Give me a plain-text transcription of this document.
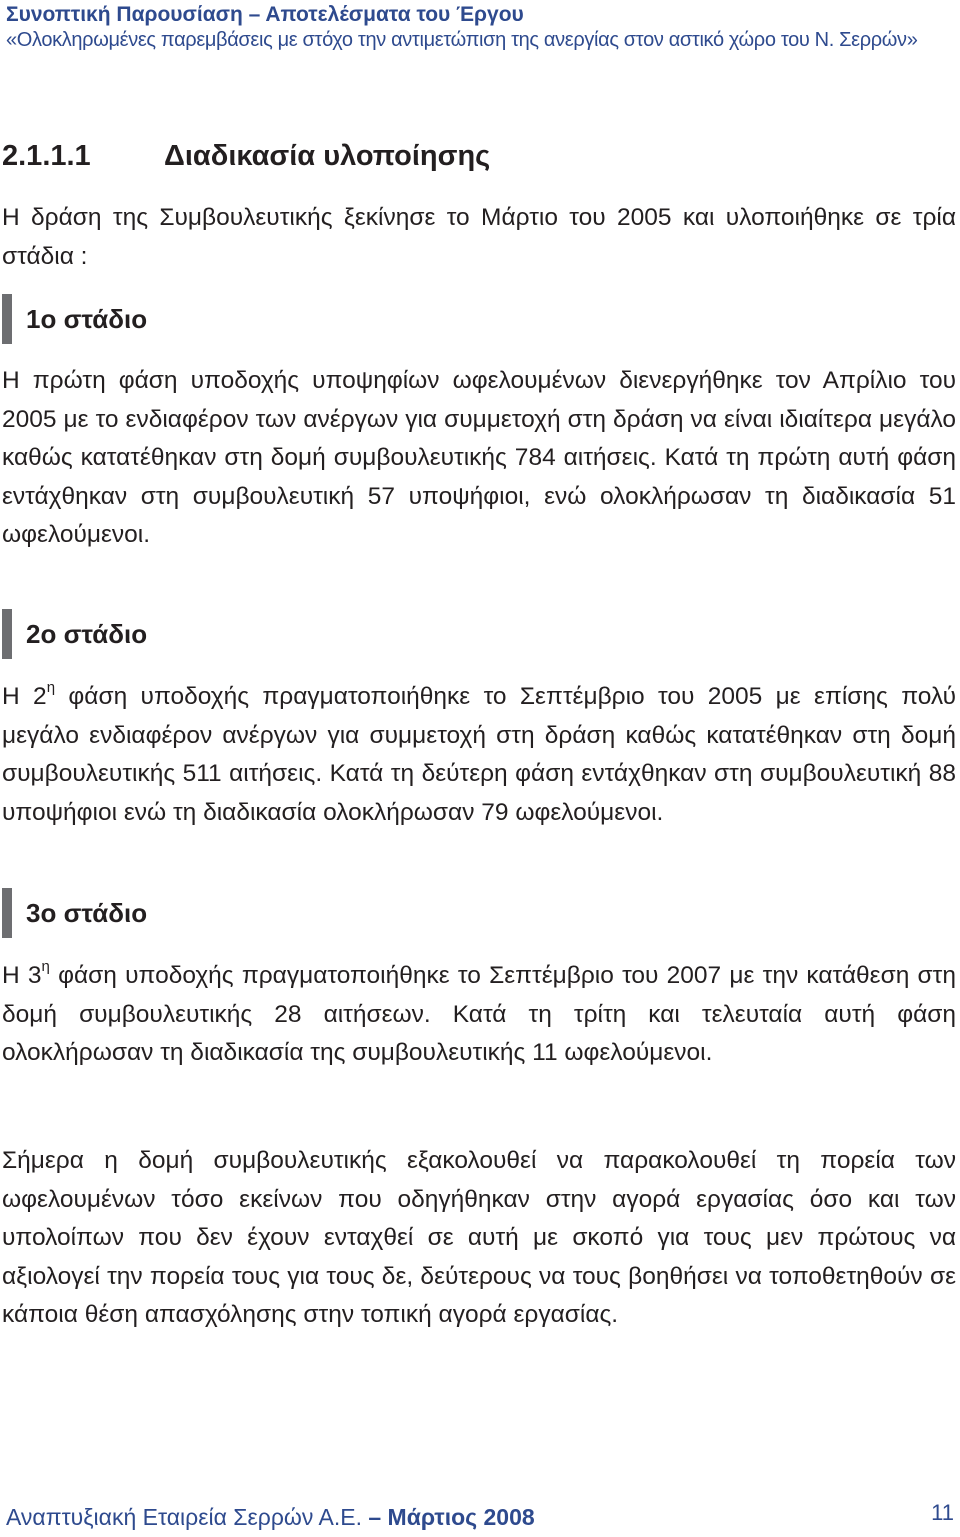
Συνοπτική Παρουσίαση – Αποτελέσματα του Έργου
«Ολοκληρωμένες παρεμβάσεις με στόχο την αντιμετώπιση της ανεργίας στον αστικό χώρο του Ν. Σερρών»
2.1.1.1	Διαδικασία υλοποίησης

Η δράση της Συμβουλευτικής ξεκίνησε το Μάρτιο του 2005 και υλοποιήθηκε σε τρία στάδια :

1ο στάδιο

Η πρώτη φάση υποδοχής υποψηφίων ωφελουμένων διενεργήθηκε τον Απρίλιο του 2005 με το ενδιαφέρον των ανέργων για συμμετοχή στη δράση να είναι ιδιαίτερα μεγάλο καθώς κατατέθηκαν στη δομή συμβουλευτικής 784 αιτήσεις. Κατά τη πρώτη αυτή φάση εντάχθηκαν στη συμβουλευτική 57 υποψήφιοι, ενώ ολοκλήρωσαν τη διαδικασία 51 ωφελούμενοι.

2ο στάδιο

Η $2^\eta$ φάση υποδοχής πραγματοποιήθηκε το Σεπτέμβριο του 2005 με επίσης πολύ μεγάλο ενδιαφέρον ανέργων για συμμετοχή στη δράση καθώς κατατέθηκαν στη δομή συμβουλευτικής 511 αιτήσεις. Κατά τη δεύτερη φάση εντάχθηκαν στη συμβουλευτική 88 υποψήφιοι ενώ τη διαδικασία ολοκλήρωσαν 79 ωφελούμενοι.

3ο στάδιο

Η $3^\eta$ φάση υποδοχής πραγματοποιήθηκε το Σεπτέμβριο του 2007 με την κατάθεση στη δομή συμβουλευτικής 28 αιτήσεων. Κατά τη τρίτη και τελευταία αυτή φάση ολοκλήρωσαν τη διαδικασία της συμβουλευτικής 11 ωφελούμενοι.

Σήμερα η δομή συμβουλευτικής εξακολουθεί να παρακολουθεί τη πορεία των ωφελουμένων τόσο εκείνων που οδηγήθηκαν στην αγορά εργασίας όσο και των υπολοίπων που δεν έχουν ενταχθεί σε αυτή με σκοπό για τους μεν πρώτους να αξιολογεί την πορεία τους για τους δε, δεύτερους να τους βοηθήσει να τοποθετηθούν σε κάποια θέση απασχόλησης στην τοπική αγορά εργασίας.

Αναπτυξιακή Εταιρεία Σερρών Α.Ε. – Μάρτιος 2008	11
